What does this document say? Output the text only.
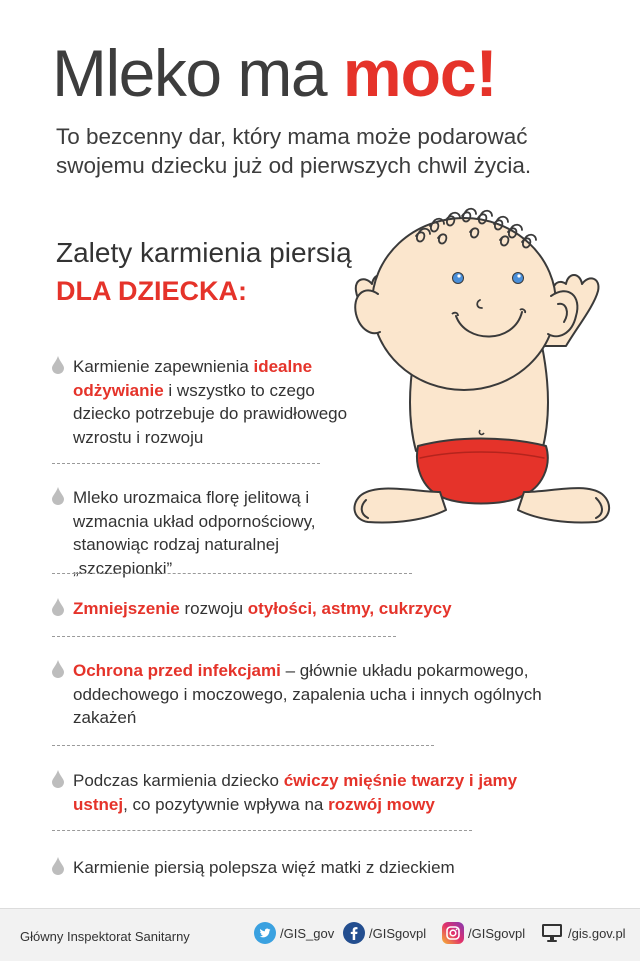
Mleko ma moc!

To bezcenny dar, który mama może podarować swojemu dziecku już od pierwszych chwil życia.

Zalety karmienia piersią
DLA DZIECKA:

Karmienie zapewnienia idealne odżywianie i wszystko to czego dziecko potrzebuje do prawidłowego wzrostu i rozwoju

Mleko urozmaica florę jelitową i wzmacnia układ odpornościowy, stanowiąc rodzaj naturalnej „szczepionki”

Zmniejszenie rozwoju otyłości, astmy, cukrzycy

Ochrona przed infekcjami – głównie układu pokarmowego, oddechowego i moczowego, zapalenia ucha i innych ogólnych zakażeń

Podczas karmienia dziecko ćwiczy mięśnie twarzy i jamy ustnej, co pozytywnie wpływa na rozwój mowy

Karmienie piersią polepsza więź matki z dzieckiem

Główny Inspektorat Sanitarny	/GIS_gov	/GISgovpl	/GISgovpl	/gis.gov.pl
